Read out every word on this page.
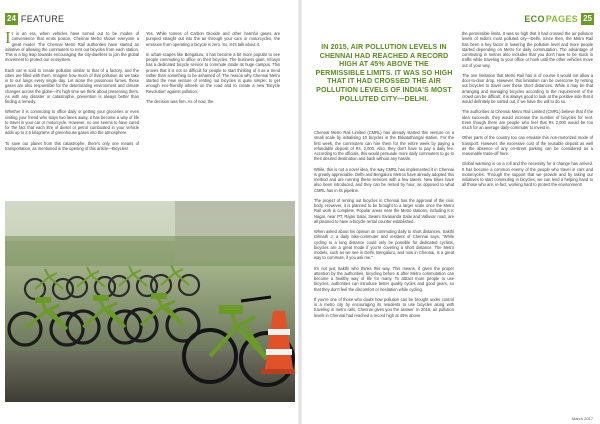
24 FEATURE

It is an era, when vehicles have turned out to be modes of convenience that emits poison, Chennai Metro shows everyone a great model. The Chennai Metro Rail authorities have started an initiative of allowing the commuters to rent out bicycles from each station. This is a big leap towards encouraging the city-dwellers to join the global movement to protect our ecosystem.

Each car is sold to create pollution similar to that of a factory, and the cities are filled with them. Imagine how much of that pollution do we take in to our lungs every single day. Let alone the poisonous fumes, these gases are also responsible for the deteriorating environment and climate changes across the globe—it's high time we think about preserving them. As with any disaster or catastrophe, prevention is always better than finding a remedy.

Whether it is commuting to office daily or getting your groceries or even visiting your friend who stays two lanes away, it has become a way of life to travel in your car or motorcycle. However, no one seems to have cared for the fact that each litre of diesel or petrol combusted in your vehicle adds up to 2.5 kilograms of greenhouse gases into the atmosphere.

To save our planet from this catastrophe, there's only one means of transportation, as mentioned in the opening of this article—Bicycles!

Yes. While tonnes of Carbon Dioxide and other harmful gases are pumped straight out into the air through your cars or motorcycles, the emission from operating a bicycle is zero. So, let's talk about it.

In urban-scapes like Bengaluru, it has become a bit more popular to see people commuting to office on their bicycles. The business giant, Infosys has a dedicated bicycle service to commute inside its huge campus. This proves that it is not so difficult for people to start thinking of it as a trend rather than something to be ashamed of. The reason why Chennai Metro started the new venture of renting out bicycles is quite simple: to get enough eco-friendly wheels on the road and to create a new 'Bicycle Revolution' against pollution.

The decision was firm. As of now, the

ECO PAGES 25
IN 2015, AIR POLLUTION LEVELS IN CHENNAI HAD REACHED A RECORD HIGH AT 45% ABOVE THE PERMISSIBLE LIMITS. IT WAS SO HIGH THAT IT HAD CROSSED THE AIR POLLUTION LEVELS OF INDIA'S MOST POLLUTED CITY—DELHI.

Chennai Metro Rail Limited (CMRL) has already started this venture on a small scale by initialising 10 bicycles in the Ekkatuthangal station. For the first week, the commuters can hire them for the entire week by paying a refundable deposit of Rs. 2,000. Also, they don't have to pay a daily fee. According to the officials, this would persuade more daily commuters to go to their desired destination and back without any hassle.

While, this is not a novel idea, the way CMRL has implemented it in Chennai is greatly appreciable. Delhi and Bengaluru Metros have already adopted this method and are running these services with a few takers. New bikes have also been introduced, and they can be rented by hour, as opposed to what CMRL has in its pipeline.

The project of renting out bicycles in Chennai has the approval of the civic body. However, it is planned to be brought to a larger scale once the Metro Rail work is complete. Popular areas near the Metro stations, including K.K Nagar, near PT, Rajan Salai, Swami Sivananda Salai and Valluvar road, are all planned to have a bicycle rental counter established.

When asked about his opinion on commuting daily to short distances, Sakthi Gilmath J, a daily bike-commuter and resident of Chennai says, "While cycling to a long distance could only be possible for dedicated cyclists, bicycles are a great mode if you're covering a short distance. The Metro models, such as we see in Delhi, Bengaluru, and now in Chennai, is a great way to commute, if you ask me."

It's not just Sakthi who thinks this way. This means, if given the proper attention by the authorities, bicycling before & after Metro commutation can become a healthy way of life for many. To attract more people to use bicycles, authorities can introduce better quality cycles and good gears, so that they don't feel the discomfort or hesitation while cycling.

If you're one of those who doubt how pollution can be brought under control in a metro city by encouraging its residents to use bicycles along with traveling in metro rails, Chennai gives you the answer. In 2015, air pollution levels in Chennai had reached a record high at 45% above

the permissible limits. It was so high that it had crossed the air pollution levels of India's most polluted city—Delhi. Since then, the Metro Rail has been a key factor in lowering the pollution level and more people started depending on Metro for daily commutation. The advantage of commuting in metros also includes that you don't have to be stuck in traffic while traveling to your office or honk until the other vehicles move out of your way.

The one limitation that Metro Rail has is of course it would not allow a door-to-door drop. However, this limitation can be overcome by renting out bicycles to travel over these short distances. While it may be that arranging and managing bicycles according to the requirement of the crowd can be difficult, it is always good to look at the positive side that it would definitely be sorted out, if we have the will to do so.

The authorities at Chennai Metro Rail Limited (CMRL) believe that if the idea succeeds, they would increase the number of bicycles for rent. Even though there are people who feel that Rs 2,000 would be too much for an average daily-commuter to invest in.

Other parts of the country too can emulate this non-motorized mode of transport. However, the excessive cost of the reusable deposit as well as the absence of any on-street parking can be considered as a reasonable trade-off here.

Global warming is on a roll and the necessity for a change has arrived. It has become a common enemy of the people who travel in cars and motorcycles. Through the support that we provide and by taking our initiatives to start commuting in bicycles, we can lend a helping hand to all those who are, in-fact, working hard to protect the environment!

March 2017
